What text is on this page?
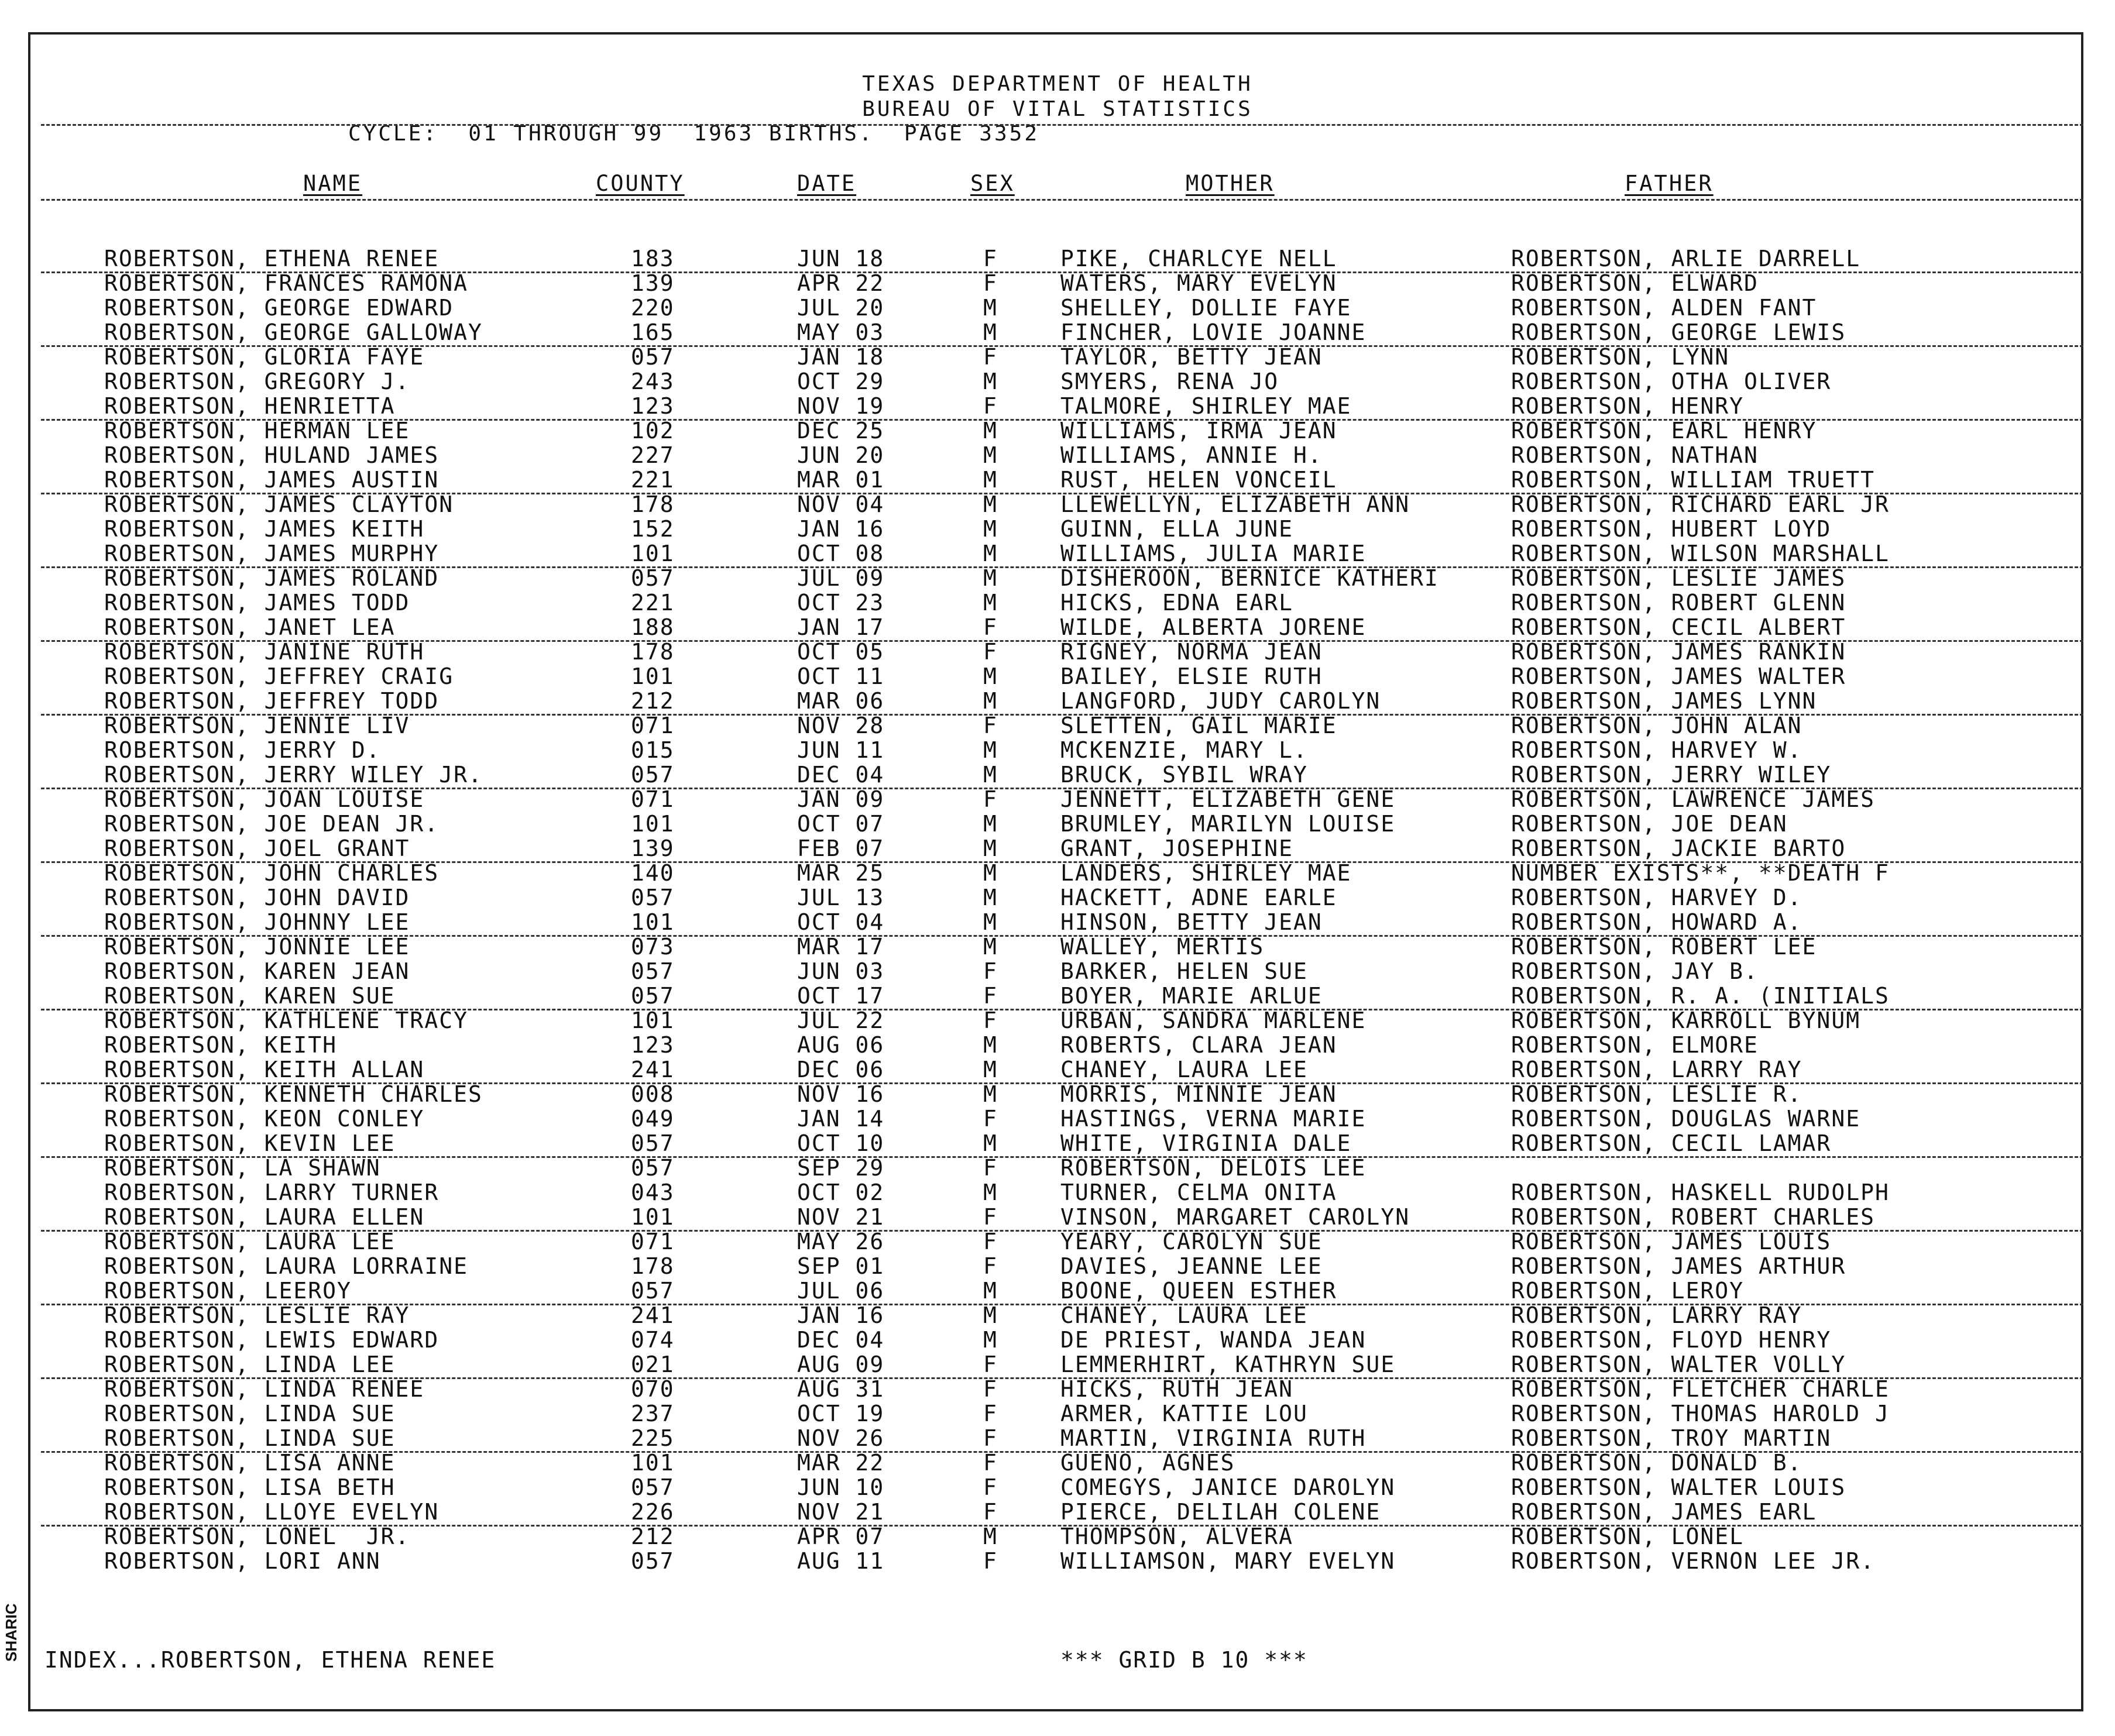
TEXAS DEPARTMENT OF HEALTH
BUREAU OF VITAL STATISTICS
CYCLE:  01 THROUGH 99  1963 BIRTHS.  PAGE 3352
NAME	COUNTY	DATE	SEX	MOTHER	FATHER
ROBERTSON, ETHENA RENEE	183	JUN 18	F	PIKE, CHARLCYE NELL	ROBERTSON, ARLIE DARRELL
ROBERTSON, FRANCES RAMONA	139	APR 22	F	WATERS, MARY EVELYN	ROBERTSON, ELWARD
ROBERTSON, GEORGE EDWARD	220	JUL 20	M	SHELLEY, DOLLIE FAYE	ROBERTSON, ALDEN FANT
ROBERTSON, GEORGE GALLOWAY	165	MAY 03	M	FINCHER, LOVIE JOANNE	ROBERTSON, GEORGE LEWIS
ROBERTSON, GLORIA FAYE	057	JAN 18	F	TAYLOR, BETTY JEAN	ROBERTSON, LYNN
ROBERTSON, GREGORY J.	243	OCT 29	M	SMYERS, RENA JO	ROBERTSON, OTHA OLIVER
ROBERTSON, HENRIETTA	123	NOV 19	F	TALMORE, SHIRLEY MAE	ROBERTSON, HENRY
ROBERTSON, HERMAN LEE	102	DEC 25	M	WILLIAMS, IRMA JEAN	ROBERTSON, EARL HENRY
ROBERTSON, HULAND JAMES	227	JUN 20	M	WILLIAMS, ANNIE H.	ROBERTSON, NATHAN
ROBERTSON, JAMES AUSTIN	221	MAR 01	M	RUST, HELEN VONCEIL	ROBERTSON, WILLIAM TRUETT
ROBERTSON, JAMES CLAYTON	178	NOV 04	M	LLEWELLYN, ELIZABETH ANN	ROBERTSON, RICHARD EARL JR
ROBERTSON, JAMES KEITH	152	JAN 16	M	GUINN, ELLA JUNE	ROBERTSON, HUBERT LOYD
ROBERTSON, JAMES MURPHY	101	OCT 08	M	WILLIAMS, JULIA MARIE	ROBERTSON, WILSON MARSHALL
ROBERTSON, JAMES ROLAND	057	JUL 09	M	DISHEROON, BERNICE KATHERI	ROBERTSON, LESLIE JAMES
ROBERTSON, JAMES TODD	221	OCT 23	M	HICKS, EDNA EARL	ROBERTSON, ROBERT GLENN
ROBERTSON, JANET LEA	188	JAN 17	F	WILDE, ALBERTA JORENE	ROBERTSON, CECIL ALBERT
ROBERTSON, JANINE RUTH	178	OCT 05	F	RIGNEY, NORMA JEAN	ROBERTSON, JAMES RANKIN
ROBERTSON, JEFFREY CRAIG	101	OCT 11	M	BAILEY, ELSIE RUTH	ROBERTSON, JAMES WALTER
ROBERTSON, JEFFREY TODD	212	MAR 06	M	LANGFORD, JUDY CAROLYN	ROBERTSON, JAMES LYNN
ROBERTSON, JENNIE LIV	071	NOV 28	F	SLETTEN, GAIL MARIE	ROBERTSON, JOHN ALAN
ROBERTSON, JERRY D.	015	JUN 11	M	MCKENZIE, MARY L.	ROBERTSON, HARVEY W.
ROBERTSON, JERRY WILEY JR.	057	DEC 04	M	BRUCK, SYBIL WRAY	ROBERTSON, JERRY WILEY
ROBERTSON, JOAN LOUISE	071	JAN 09	F	JENNETT, ELIZABETH GENE	ROBERTSON, LAWRENCE JAMES
ROBERTSON, JOE DEAN JR.	101	OCT 07	M	BRUMLEY, MARILYN LOUISE	ROBERTSON, JOE DEAN
ROBERTSON, JOEL GRANT	139	FEB 07	M	GRANT, JOSEPHINE	ROBERTSON, JACKIE BARTO
ROBERTSON, JOHN CHARLES	140	MAR 25	M	LANDERS, SHIRLEY MAE	NUMBER EXISTS**, **DEATH F
ROBERTSON, JOHN DAVID	057	JUL 13	M	HACKETT, ADNE EARLE	ROBERTSON, HARVEY D.
ROBERTSON, JOHNNY LEE	101	OCT 04	M	HINSON, BETTY JEAN	ROBERTSON, HOWARD A.
ROBERTSON, JONNIE LEE	073	MAR 17	M	WALLEY, MERTIS	ROBERTSON, ROBERT LEE
ROBERTSON, KAREN JEAN	057	JUN 03	F	BARKER, HELEN SUE	ROBERTSON, JAY B.
ROBERTSON, KAREN SUE	057	OCT 17	F	BOYER, MARIE ARLUE	ROBERTSON, R. A. (INITIALS
ROBERTSON, KATHLENE TRACY	101	JUL 22	F	URBAN, SANDRA MARLENE	ROBERTSON, KARROLL BYNUM
ROBERTSON, KEITH	123	AUG 06	M	ROBERTS, CLARA JEAN	ROBERTSON, ELMORE
ROBERTSON, KEITH ALLAN	241	DEC 06	M	CHANEY, LAURA LEE	ROBERTSON, LARRY RAY
ROBERTSON, KENNETH CHARLES	008	NOV 16	M	MORRIS, MINNIE JEAN	ROBERTSON, LESLIE R.
ROBERTSON, KEON CONLEY	049	JAN 14	F	HASTINGS, VERNA MARIE	ROBERTSON, DOUGLAS WARNE
ROBERTSON, KEVIN LEE	057	OCT 10	M	WHITE, VIRGINIA DALE	ROBERTSON, CECIL LAMAR
ROBERTSON, LA SHAWN	057	SEP 29	F	ROBERTSON, DELOIS LEE
ROBERTSON, LARRY TURNER	043	OCT 02	M	TURNER, CELMA ONITA	ROBERTSON, HASKELL RUDOLPH
ROBERTSON, LAURA ELLEN	101	NOV 21	F	VINSON, MARGARET CAROLYN	ROBERTSON, ROBERT CHARLES
ROBERTSON, LAURA LEE	071	MAY 26	F	YEARY, CAROLYN SUE	ROBERTSON, JAMES LOUIS
ROBERTSON, LAURA LORRAINE	178	SEP 01	F	DAVIES, JEANNE LEE	ROBERTSON, JAMES ARTHUR
ROBERTSON, LEEROY	057	JUL 06	M	BOONE, QUEEN ESTHER	ROBERTSON, LEROY
ROBERTSON, LESLIE RAY	241	JAN 16	M	CHANEY, LAURA LEE	ROBERTSON, LARRY RAY
ROBERTSON, LEWIS EDWARD	074	DEC 04	M	DE PRIEST, WANDA JEAN	ROBERTSON, FLOYD HENRY
ROBERTSON, LINDA LEE	021	AUG 09	F	LEMMERHIRT, KATHRYN SUE	ROBERTSON, WALTER VOLLY
ROBERTSON, LINDA RENEE	070	AUG 31	F	HICKS, RUTH JEAN	ROBERTSON, FLETCHER CHARLE
ROBERTSON, LINDA SUE	237	OCT 19	F	ARMER, KATTIE LOU	ROBERTSON, THOMAS HAROLD J
ROBERTSON, LINDA SUE	225	NOV 26	F	MARTIN, VIRGINIA RUTH	ROBERTSON, TROY MARTIN
ROBERTSON, LISA ANNE	101	MAR 22	F	GUENO, AGNES	ROBERTSON, DONALD B.
ROBERTSON, LISA BETH	057	JUN 10	F	COMEGYS, JANICE DAROLYN	ROBERTSON, WALTER LOUIS
ROBERTSON, LLOYE EVELYN	226	NOV 21	F	PIERCE, DELILAH COLENE	ROBERTSON, JAMES EARL
ROBERTSON, LONEL  JR.	212	APR 07	M	THOMPSON, ALVERA	ROBERTSON, LONEL
ROBERTSON, LORI ANN	057	AUG 11	F	WILLIAMSON, MARY EVELYN	ROBERTSON, VERNON LEE JR.
INDEX...ROBERTSON, ETHENA RENEE	*** GRID B 10 ***
SHARIC
